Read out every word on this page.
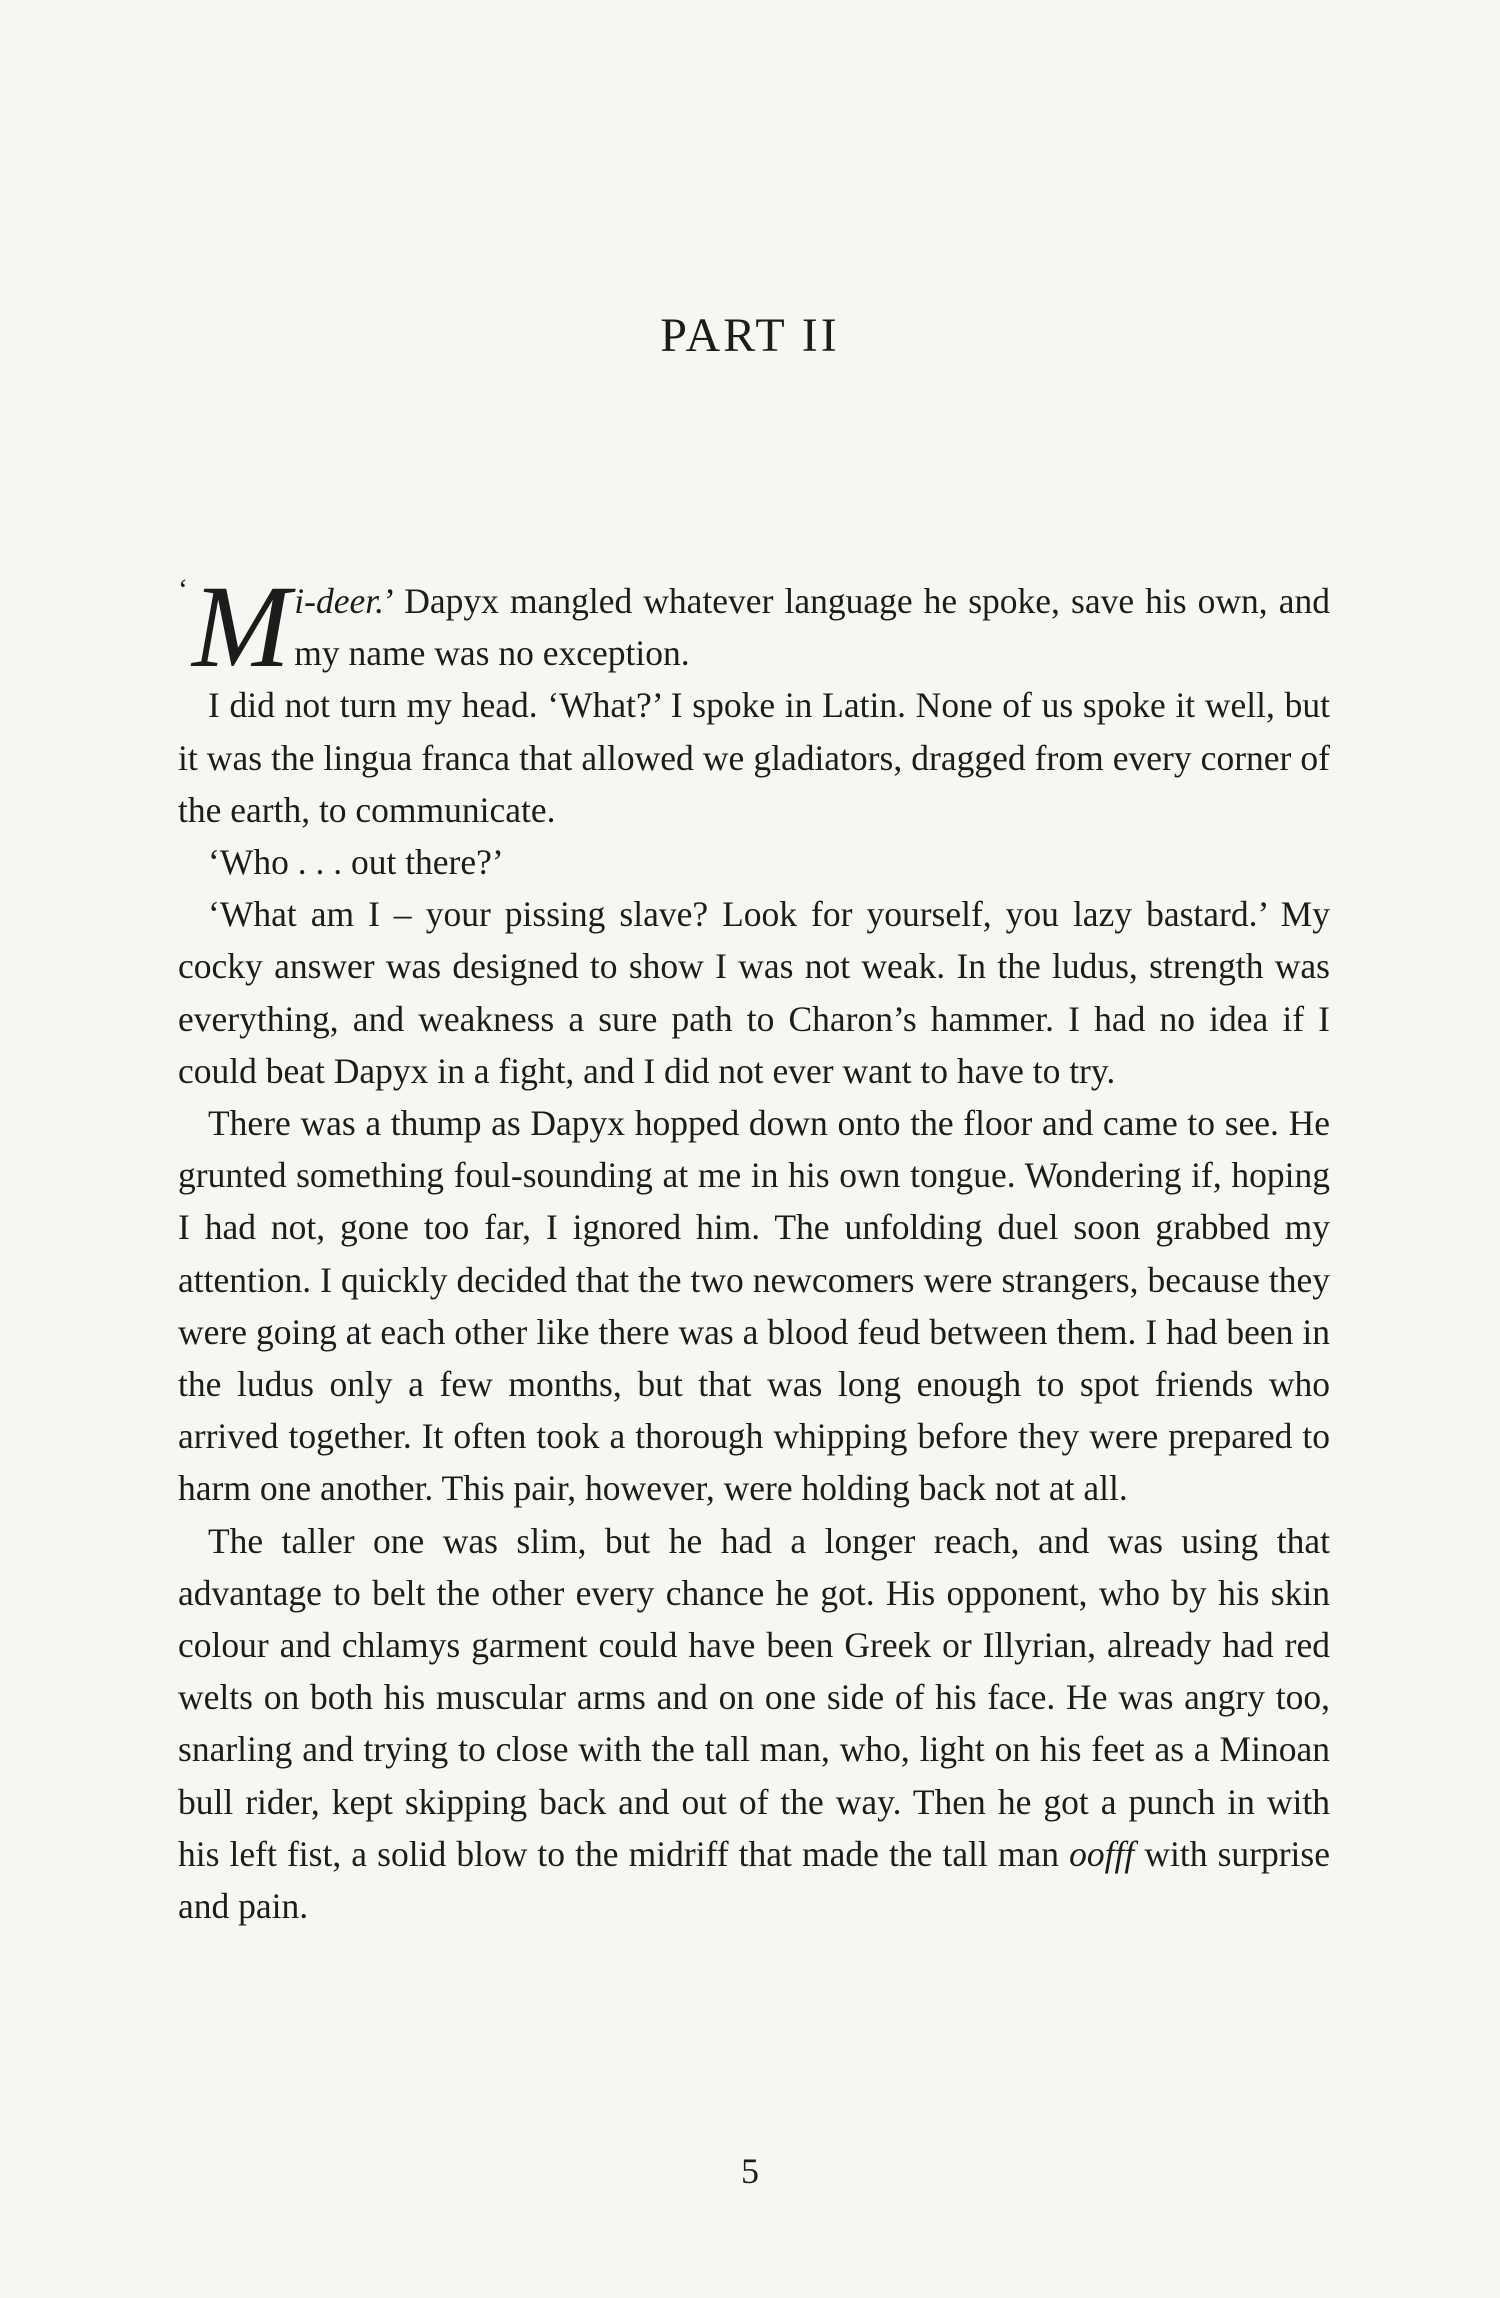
PART II

‘ M i-deer.’ Dapyx mangled whatever language he spoke, save his own, and my name was no exception.

I did not turn my head. ‘What?’ I spoke in Latin. None of us spoke it well, but it was the lingua franca that allowed we gladiators, dragged from every corner of the earth, to communicate.

‘Who . . . out there?’

‘What am I – your pissing slave? Look for yourself, you lazy bastard.’ My cocky answer was designed to show I was not weak. In the ludus, strength was everything, and weakness a sure path to Charon’s hammer. I had no idea if I could beat Dapyx in a fight, and I did not ever want to have to try.

There was a thump as Dapyx hopped down onto the floor and came to see. He grunted something foul-sounding at me in his own tongue. Wondering if, hoping I had not, gone too far, I ignored him. The unfolding duel soon grabbed my attention. I quickly decided that the two newcomers were strangers, because they were going at each other like there was a blood feud between them. I had been in the ludus only a few months, but that was long enough to spot friends who arrived together. It often took a thorough whipping before they were prepared to harm one another. This pair, however, were holding back not at all.

The taller one was slim, but he had a longer reach, and was using that advantage to belt the other every chance he got. His opponent, who by his skin colour and chlamys garment could have been Greek or Illyrian, already had red welts on both his muscular arms and on one side of his face. He was angry too, snarling and trying to close with the tall man, who, light on his feet as a Minoan bull rider, kept skipping back and out of the way. Then he got a punch in with his left fist, a solid blow to the midriff that made the tall man oofff with surprise and pain.

5
